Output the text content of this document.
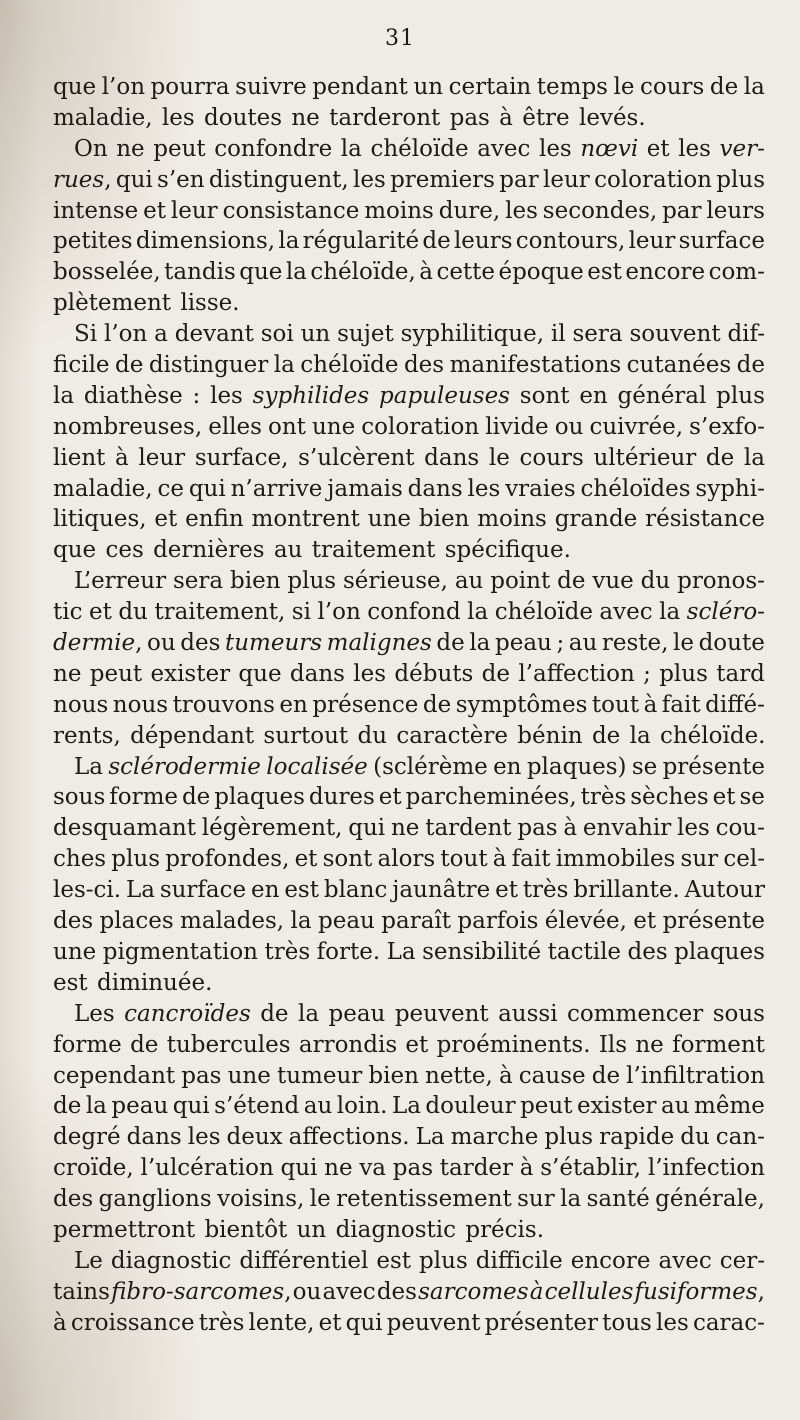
31
que l’on pourra suivre pendant un certain temps le cours de la
maladie,
les
doutes
ne
tarderont
pas
à
être
levés.
On ne peut confondre la chéloïde avec les nœvi et les ver-
rues, qui s’en distinguent, les premiers par leur coloration plus
intense et leur consistance moins dure, les secondes, par leurs
petites dimensions, la régularité de leurs contours, leur surface
bosselée, tandis que la chéloïde, à cette époque est encore com-
plètement
lisse.
Si l’on a devant soi un sujet syphilitique, il sera souvent dif-
ficile de distinguer la chéloïde des manifestations cutanées de
la diathèse : les syphilides papuleuses sont en général plus
nombreuses, elles ont une coloration livide ou cuivrée, s’exfo-
lient à leur surface, s’ulcèrent dans le cours ultérieur de la
maladie, ce qui n’arrive jamais dans les vraies chéloïdes syphi-
litiques, et enfin montrent une bien moins grande résistance
que
ces
dernières
au
traitement
spécifique.
L’erreur sera bien plus sérieuse, au point de vue du pronos-
tic et du traitement, si l’on confond la chéloïde avec la scléro-
dermie, ou des tumeurs malignes de la peau ; au reste, le doute
ne peut exister que dans les débuts de l’affection ; plus tard
nous nous trouvons en présence de symptômes tout à fait diffé-
rents,
dépendant
surtout
du
caractère
bénin
de
la
chéloïde.
La sclérodermie localisée (sclérème en plaques) se présente
sous forme de plaques dures et parcheminées, très sèches et se
desquamant légèrement, qui ne tardent pas à envahir les cou-
ches plus profondes, et sont alors tout à fait immobiles sur cel-
les-ci. La surface en est blanc jaunâtre et très brillante. Autour
des places malades, la peau paraît parfois élevée, et présente
une pigmentation très forte. La sensibilité tactile des plaques
est
diminuée.
Les cancroïdes de la peau peuvent aussi commencer sous
forme de tubercules arrondis et proéminents. Ils ne forment
cependant pas une tumeur bien nette, à cause de l’infiltration
de la peau qui s’étend au loin. La douleur peut exister au même
degré dans les deux affections. La marche plus rapide du can-
croïde, l’ulcération qui ne va pas tarder à s’établir, l’infection
des ganglions voisins, le retentissement sur la santé générale,
permettront
bientôt
un
diagnostic
précis.
Le diagnostic différentiel est plus difficile encore avec cer-
tains fibro-sarcomes, ou avec des sarcomes à cellules fusiformes,
à croissance très lente, et qui peuvent présenter tous les carac-
